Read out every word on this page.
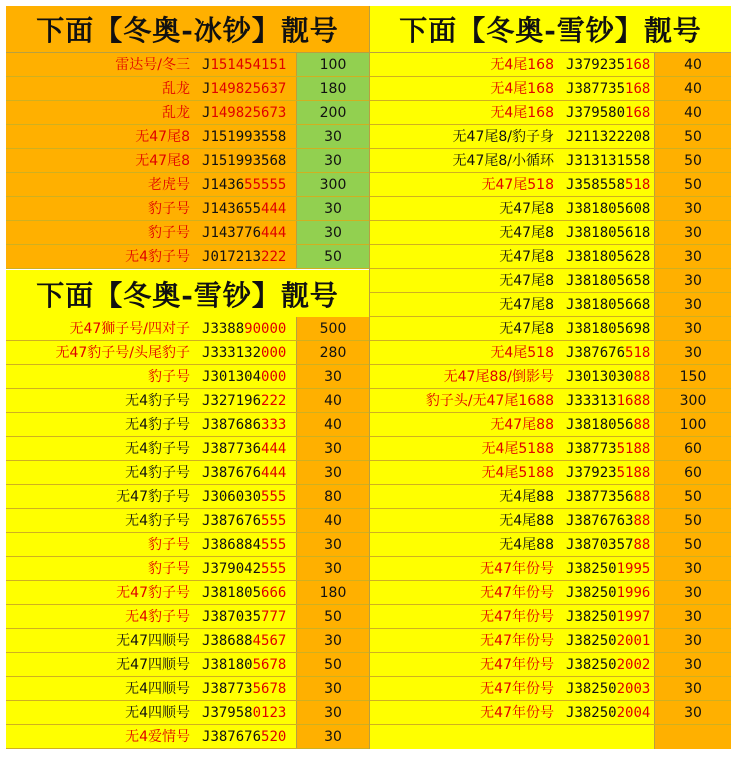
下面【冬奥-冰钞】靓号
雷达号/冬三 J151454151	100
乱龙 J149825637	180
乱龙 J149825673	200
无47尾8 J151993558	30
无47尾8 J151993568	30
老虎号 J143655555	300
豹子号 J143655444	30
豹子号 J143776444	30
无4豹子号 J017213222	50
下面【冬奥-雪钞】靓号
无47狮子号/四对子 J338890000	500
无47豹子号/头尾豹子 J333132000	280
豹子号 J301304000	30
无4豹子号 J327196222	40
无4豹子号 J387686333	40
无4豹子号 J387736444	30
无4豹子号 J387676444	30
无47豹子号 J306030555	80
无4豹子号 J387676555	40
豹子号 J386884555	30
豹子号 J379042555	30
无47豹子号 J381805666	180
无4豹子号 J387035777	50
无47四顺号 J386884567	30
无47四顺号 J381805678	50
无4四顺号 J387735678	30
无4四顺号 J379580123	30
无4爱情号 J387676520	30
下面【冬奥-雪钞】靓号
无4尾168 J379235168	40
无4尾168 J387735168	40
无4尾168 J379580168	40
无47尾8/豹子身 J211322208	50
无47尾8/小循环 J313131558	50
无47尾518 J358558518	50
无47尾8 J381805608	30
无47尾8 J381805618	30
无47尾8 J381805628	30
无47尾8 J381805658	30
无47尾8 J381805668	30
无47尾8 J381805698	30
无4尾518 J387676518	30
无47尾88/倒影号 J301303088	150
豹子头/无47尾1688 J333131688	300
无47尾88 J381805688	100
无4尾5188 J387735188	60
无4尾5188 J379235188	60
无4尾88 J387735688	50
无4尾88 J387676388	50
无4尾88 J387035788	50
无47年份号 J382501995	30
无47年份号 J382501996	30
无47年份号 J382501997	30
无47年份号 J382502001	30
无47年份号 J382502002	30
无47年份号 J382502003	30
无47年份号 J382502004	30
